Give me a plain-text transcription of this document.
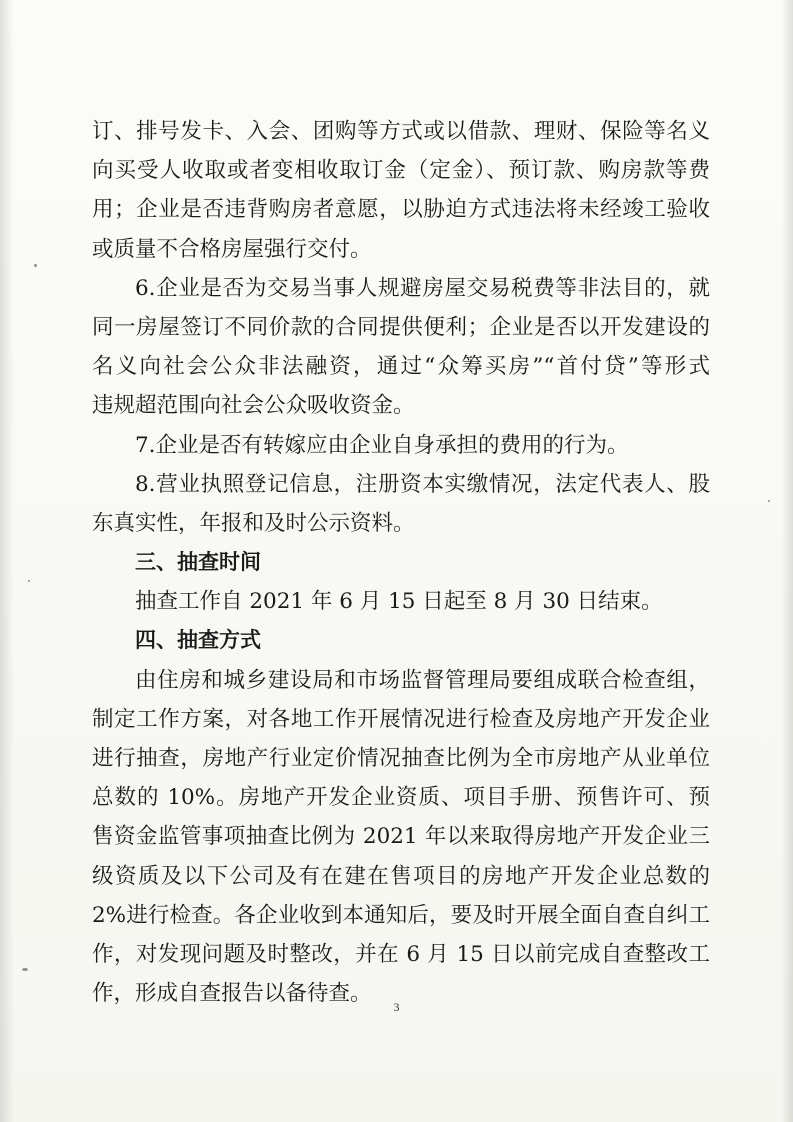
订、排号发卡、入会、团购等方式或以借款、理财、保险等名义
向买受人收取或者变相收取订金（定金）、预订款、购房款等费
用；企业是否违背购房者意愿，以胁迫方式违法将未经竣工验收
或质量不合格房屋强行交付。
6.企业是否为交易当事人规避房屋交易税费等非法目的，就
同一房屋签订不同价款的合同提供便利；企业是否以开发建设的
名义向社会公众非法融资，通过“众筹买房”“首付贷”等形式
违规超范围向社会公众吸收资金。
7.企业是否有转嫁应由企业自身承担的费用的行为。
8.营业执照登记信息，注册资本实缴情况，法定代表人、股
东真实性，年报和及时公示资料。
三、抽查时间
抽查工作自 2021 年 6 月 15 日起至 8 月 30 日结束。
四、抽查方式
由住房和城乡建设局和市场监督管理局要组成联合检查组，
制定工作方案，对各地工作开展情况进行检查及房地产开发企业
进行抽查，房地产行业定价情况抽查比例为全市房地产从业单位
总数的 10%。房地产开发企业资质、项目手册、预售许可、预
售资金监管事项抽查比例为 2021 年以来取得房地产开发企业三
级资质及以下公司及有在建在售项目的房地产开发企业总数的
2%进行检查。各企业收到本通知后，要及时开展全面自查自纠工
作，对发现问题及时整改，并在 6 月 15 日以前完成自查整改工
作，形成自查报告以备待查。
3
